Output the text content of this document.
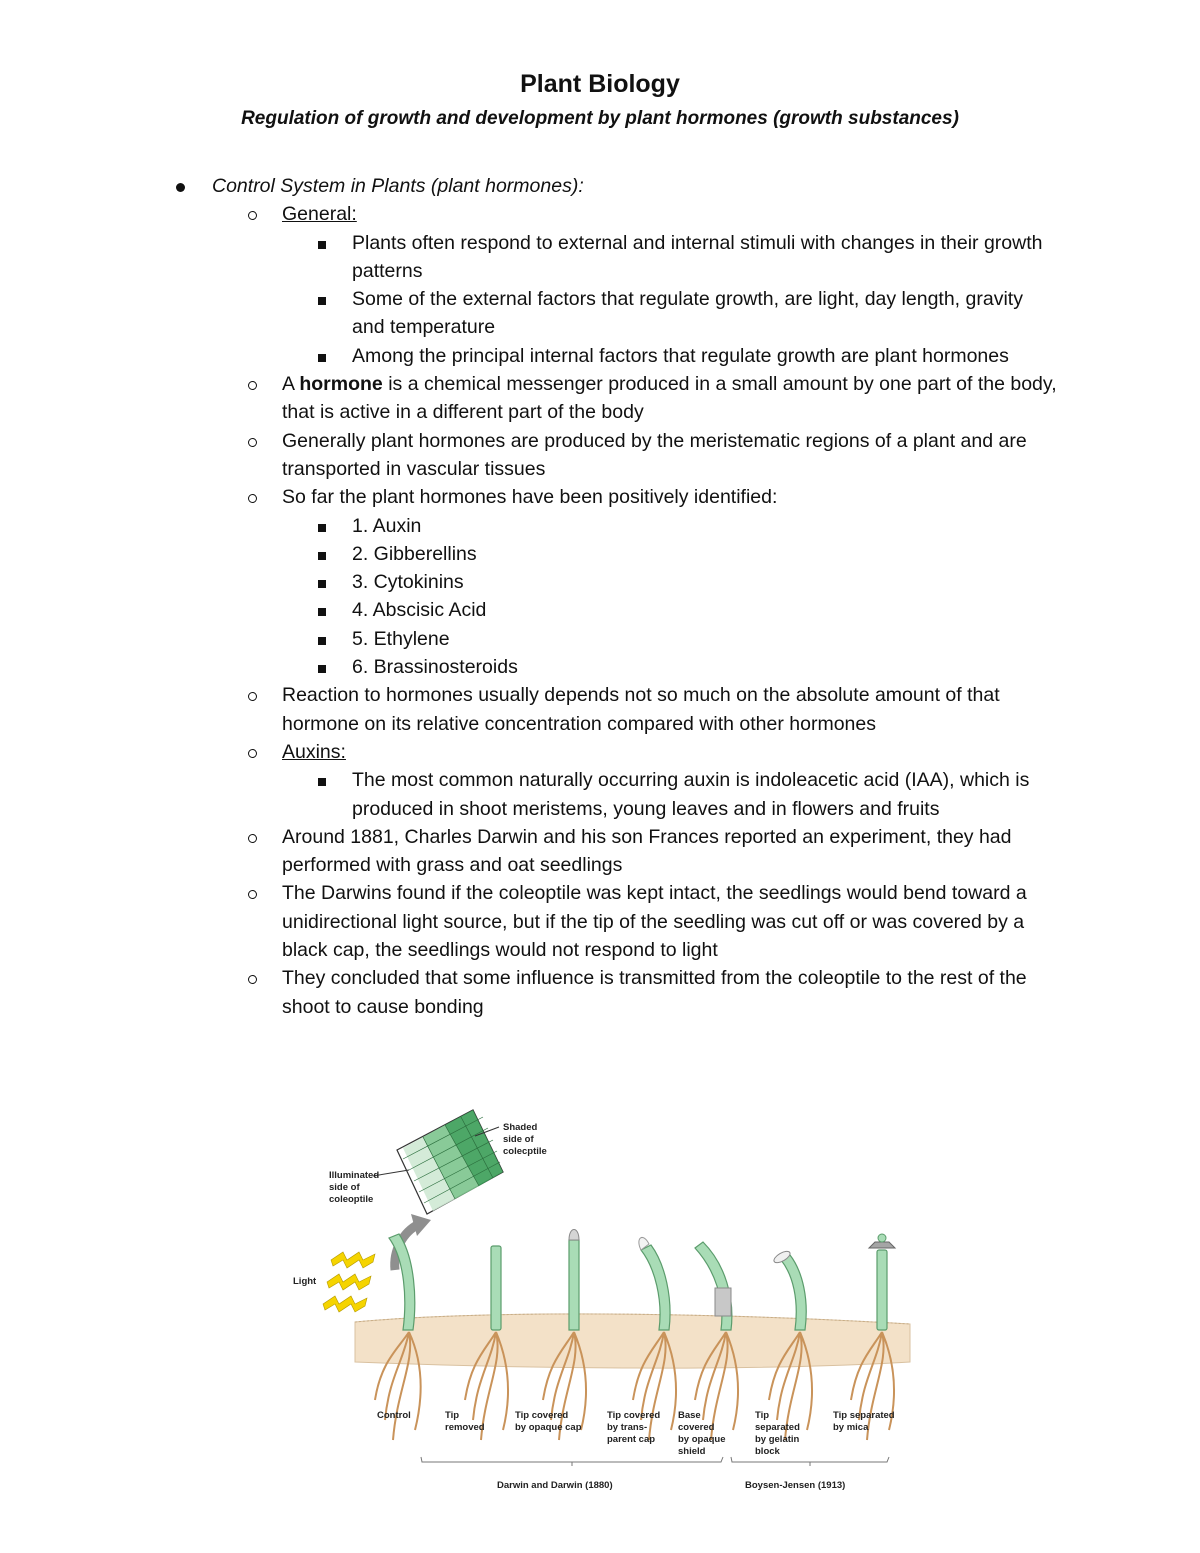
Plant Biology
Regulation of growth and development by plant hormones (growth substances)
Control System in Plants (plant hormones):
General:
Plants often respond to external and internal stimuli with changes in their growth patterns
Some of the external factors that regulate growth, are light, day length, gravity and temperature
Among the principal internal factors that regulate growth are plant hormones
A hormone is a chemical messenger produced in a small amount by one part of the body, that is active in a different part of the body
Generally plant hormones are produced by the meristematic regions of a plant and are transported in vascular tissues
So far the plant hormones have been positively identified:
1. Auxin
2. Gibberellins
3. Cytokinins
4. Abscisic Acid
5. Ethylene
6. Brassinosteroids
Reaction to hormones usually depends not so much on the absolute amount of that hormone on its relative concentration compared with other hormones
Auxins:
The most common naturally occurring auxin is indoleacetic acid (IAA), which is produced in shoot meristems, young leaves and in flowers and fruits
Around 1881, Charles Darwin and his son Frances reported an experiment, they had performed with grass and oat seedlings
The Darwins found if the coleoptile was kept intact, the seedlings would bend toward a unidirectional light source, but if the tip of the seedling was cut off or was covered by a black cap, the seedlings would not respond to light
They concluded that some influence is transmitted from the coleoptile to the rest of the shoot to cause bonding
Shaded side of colecptile
Illuminated side of coleoptile
Light
Control	Tip removed
Tip covered by opaque cap
Tip covered by trans- parent cap
Base covered by opaque shield
Tip separated by gelatin block
Tip separated by mica
Darwin and Darwin (1880)	Boysen-Jensen (1913)
